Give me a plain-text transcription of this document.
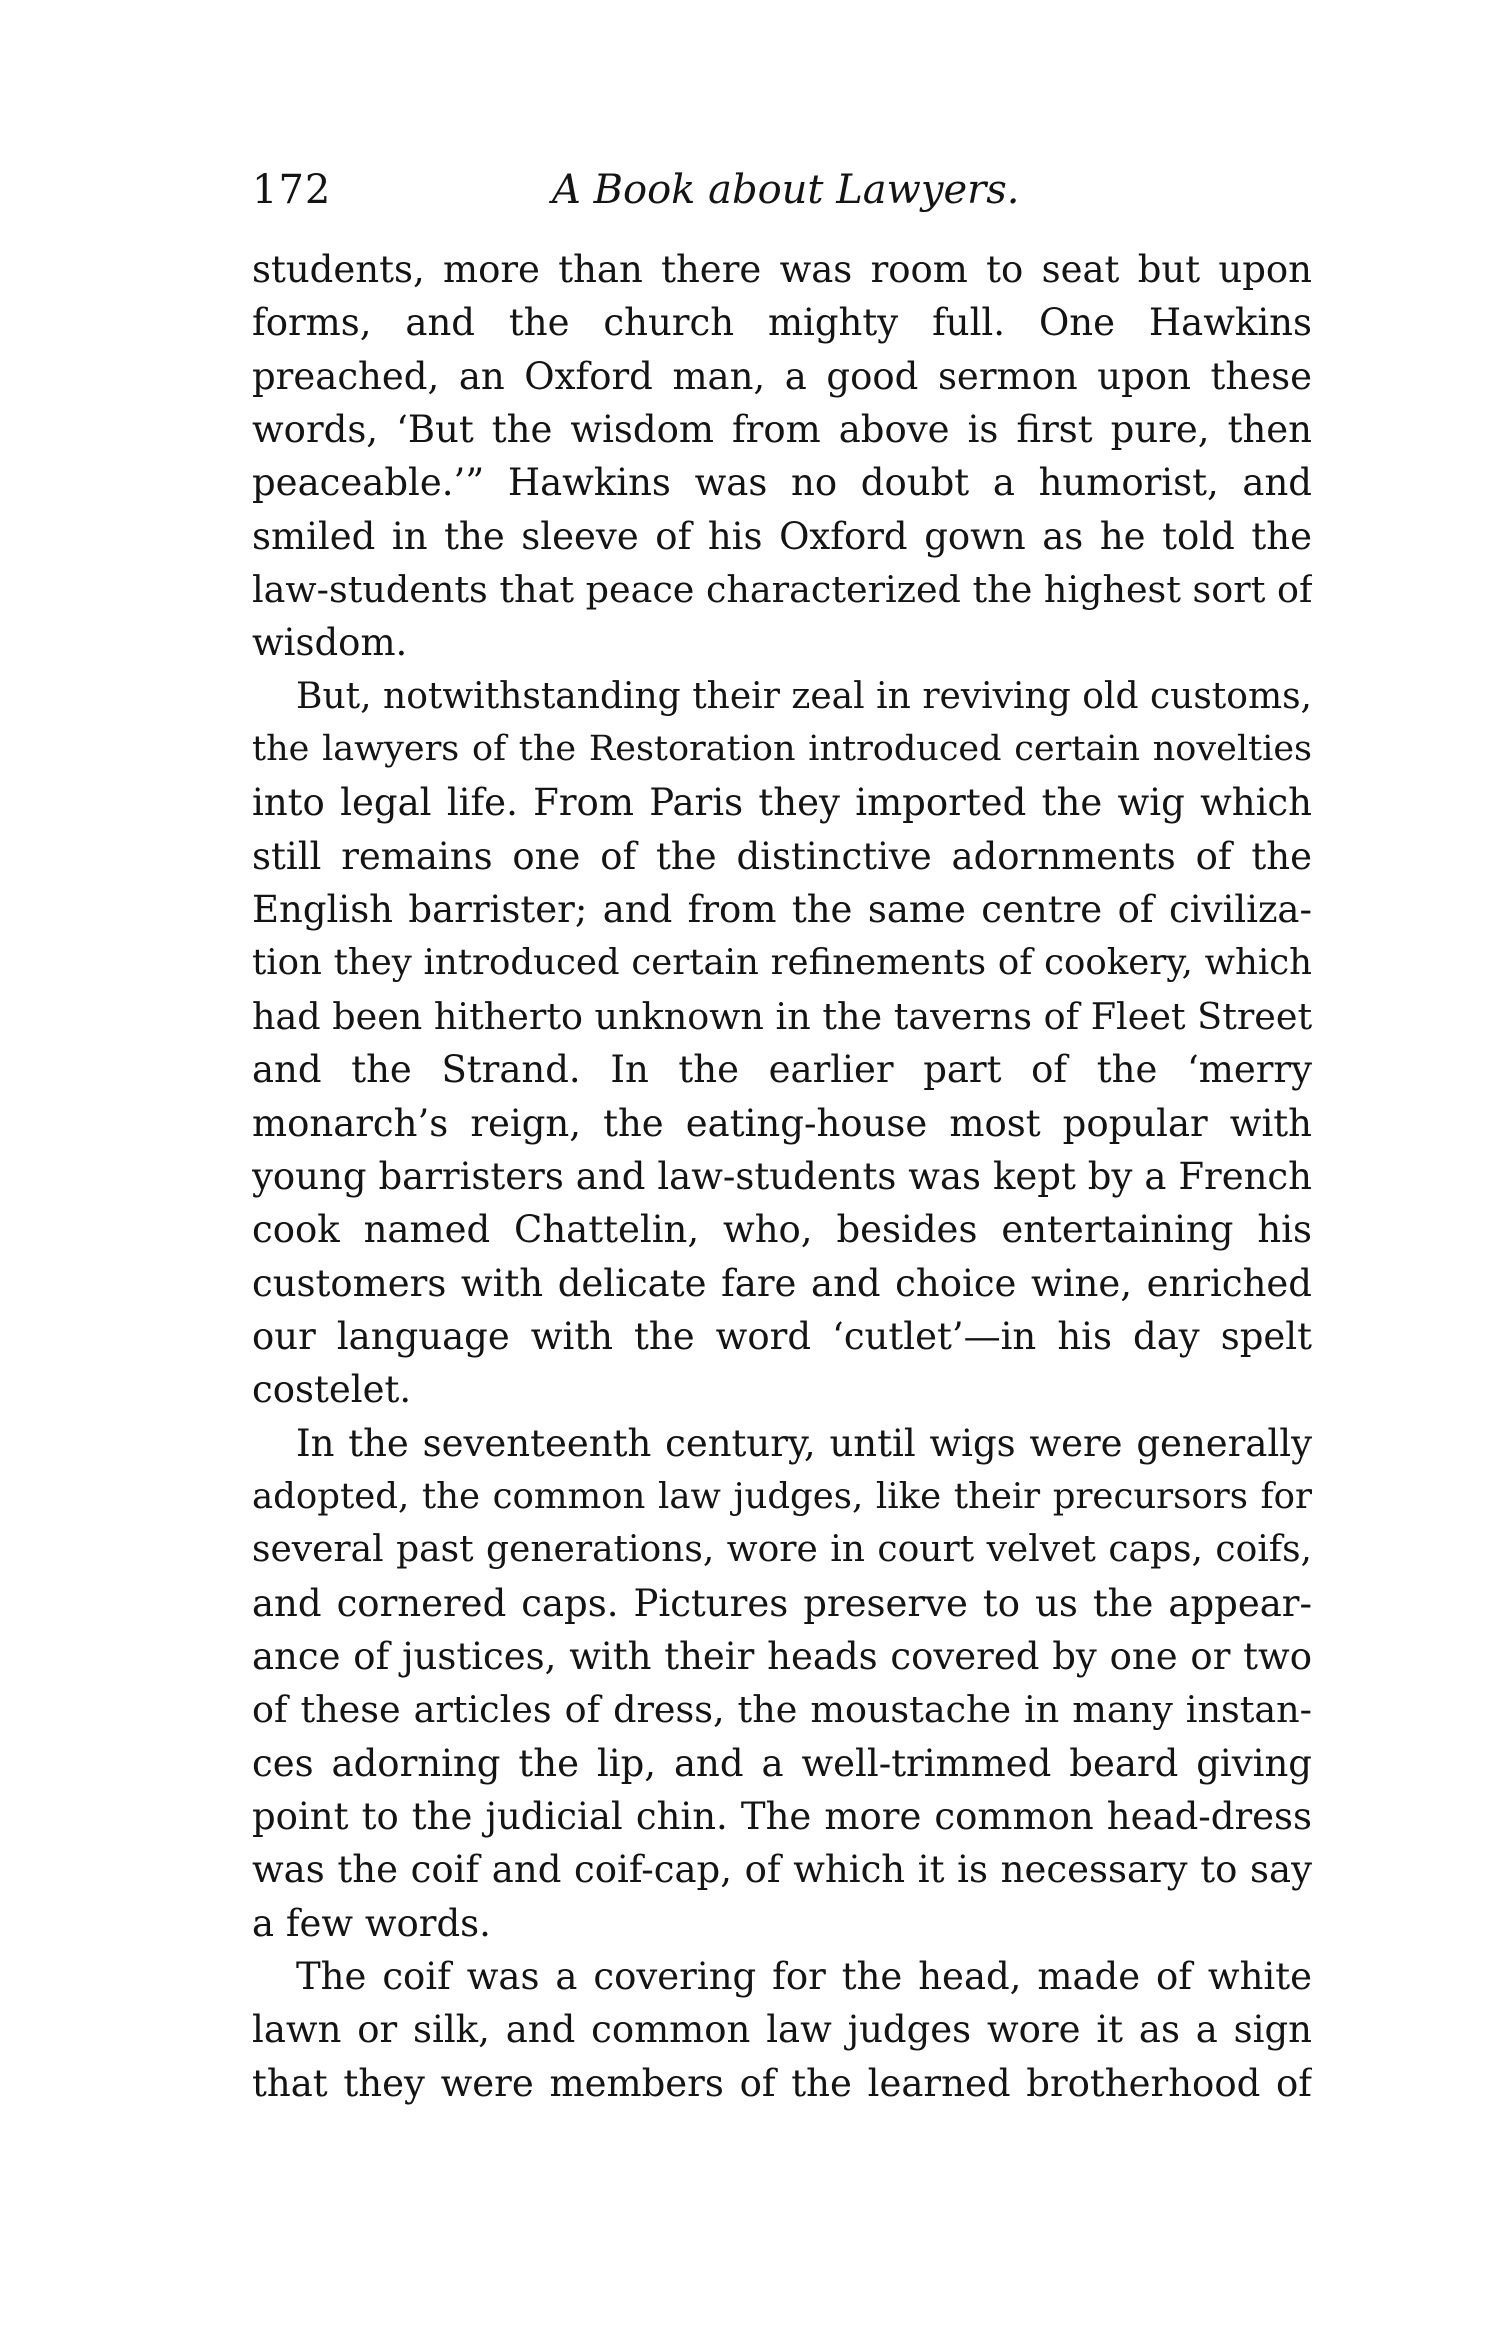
172	A Book about Lawyers.
students, more than there was room to seat but upon
forms, and the church mighty full. One Hawkins
preached, an Oxford man, a good sermon upon these
words, ‘But the wisdom from above is first pure, then
peaceable.’” Hawkins was no doubt a humorist, and
smiled in the sleeve of his Oxford gown as he told the
law-students that peace characterized the highest sort of
wisdom.
But, notwithstanding their zeal in reviving old customs,
the lawyers of the Restoration introduced certain novelties
into legal life. From Paris they imported the wig which
still remains one of the distinctive adornments of the
English barrister; and from the same centre of civiliza-
tion they introduced certain refinements of cookery, which
had been hitherto unknown in the taverns of Fleet Street
and the Strand. In the earlier part of the ‘merry
monarch’s reign, the eating-house most popular with
young barristers and law-students was kept by a French
cook named Chattelin, who, besides entertaining his
customers with delicate fare and choice wine, enriched
our language with the word ‘cutlet’—in his day spelt
costelet.
In the seventeenth century, until wigs were generally
adopted, the common law judges, like their precursors for
several past generations, wore in court velvet caps, coifs,
and cornered caps. Pictures preserve to us the appear-
ance of justices, with their heads covered by one or two
of these articles of dress, the moustache in many instan-
ces adorning the lip, and a well-trimmed beard giving
point to the judicial chin. The more common head-dress
was the coif and coif-cap, of which it is necessary to say
a few words.
The coif was a covering for the head, made of white
lawn or silk, and common law judges wore it as a sign
that they were members of the learned brotherhood of
